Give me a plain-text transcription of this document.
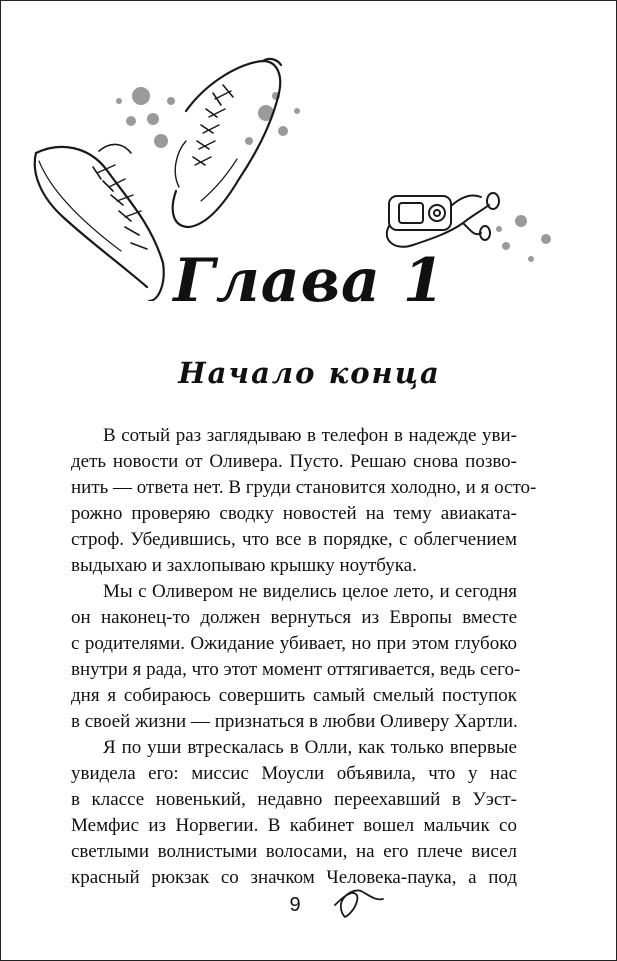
Глава 1
Начало конца
В сотый раз заглядываю в телефон в надежде уви-
деть новости от Оливера. Пусто. Решаю снова позво-
нить — ответа нет. В груди становится холодно, и я осто-
рожно проверяю сводку новостей на тему авиаката-
строф. Убедившись, что все в порядке, с облегчением
выдыхаю и захлопываю крышку ноутбука.
Мы с Оливером не виделись целое лето, и сегодня
он наконец-то должен вернуться из Европы вместе
с родителями. Ожидание убивает, но при этом глубоко
внутри я рада, что этот момент оттягивается, ведь сего-
дня я собираюсь совершить самый смелый поступок
в своей жизни — признаться в любви Оливеру Хартли.
Я по уши втрескалась в Олли, как только впервые
увидела его: миссис Моусли объявила, что у нас
в классе новенький, недавно переехавший в Уэст-
Мемфис из Норвегии. В кабинет вошел мальчик со
светлыми волнистыми волосами, на его плече висел
красный рюкзак со значком Человека-паука, а под
9
